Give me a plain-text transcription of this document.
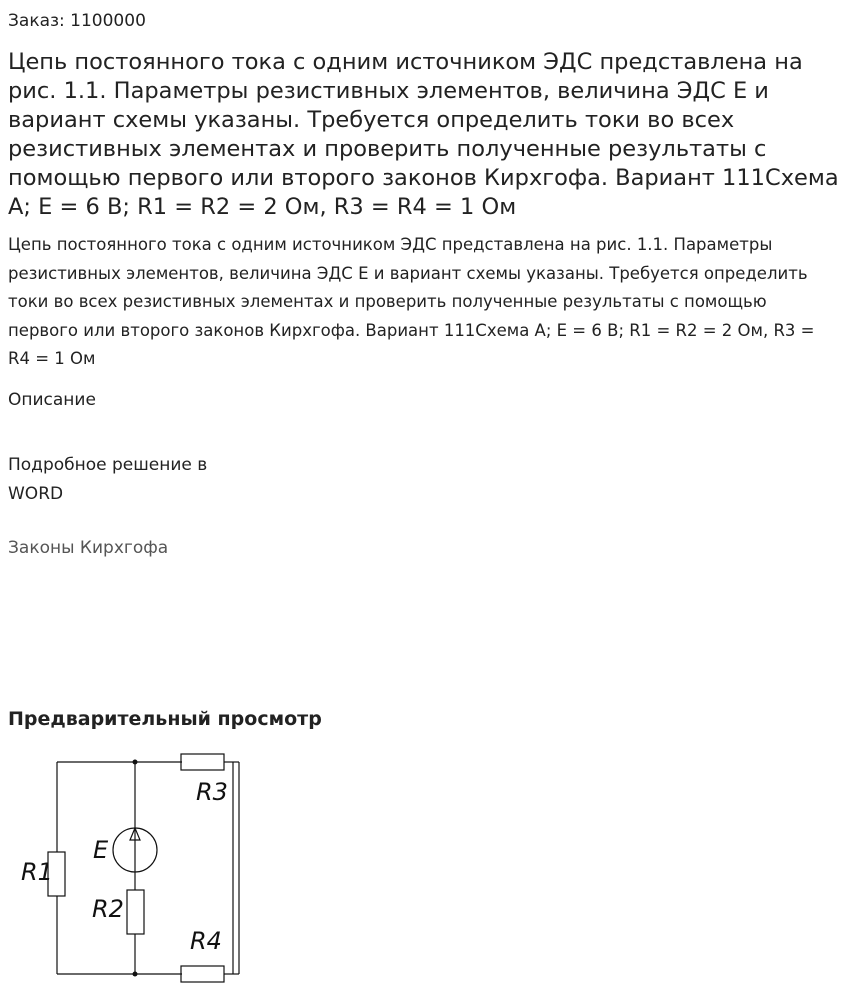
Заказ: 1100000
Цепь постоянного тока с одним источником ЭДС представлена на рис. 1.1. Параметры резистивных элементов, величина ЭДС Е и вариант схемы указаны. Требуется определить токи во всех резистивных элементах и проверить полученные результаты с помощью первого или второго законов Кирхгофа. Вариант 111Схема А; E = 6 В; R1 = R2 = 2 Ом, R3 = R4 = 1 Ом
Цепь постоянного тока с одним источником ЭДС представлена на рис. 1.1. Параметры резистивных элементов, величина ЭДС Е и вариант схемы указаны. Требуется определить токи во всех резистивных элементах и проверить полученные результаты с помощью первого или второго законов Кирхгофа. Вариант 111Схема А; E = 6 В; R1 = R2 = 2 Ом, R3 = R4 = 1 Ом
Описание
Подробное решение в WORD
Законы Кирхгофа
Предварительный просмотр
R1
R2
R3
R4
E
